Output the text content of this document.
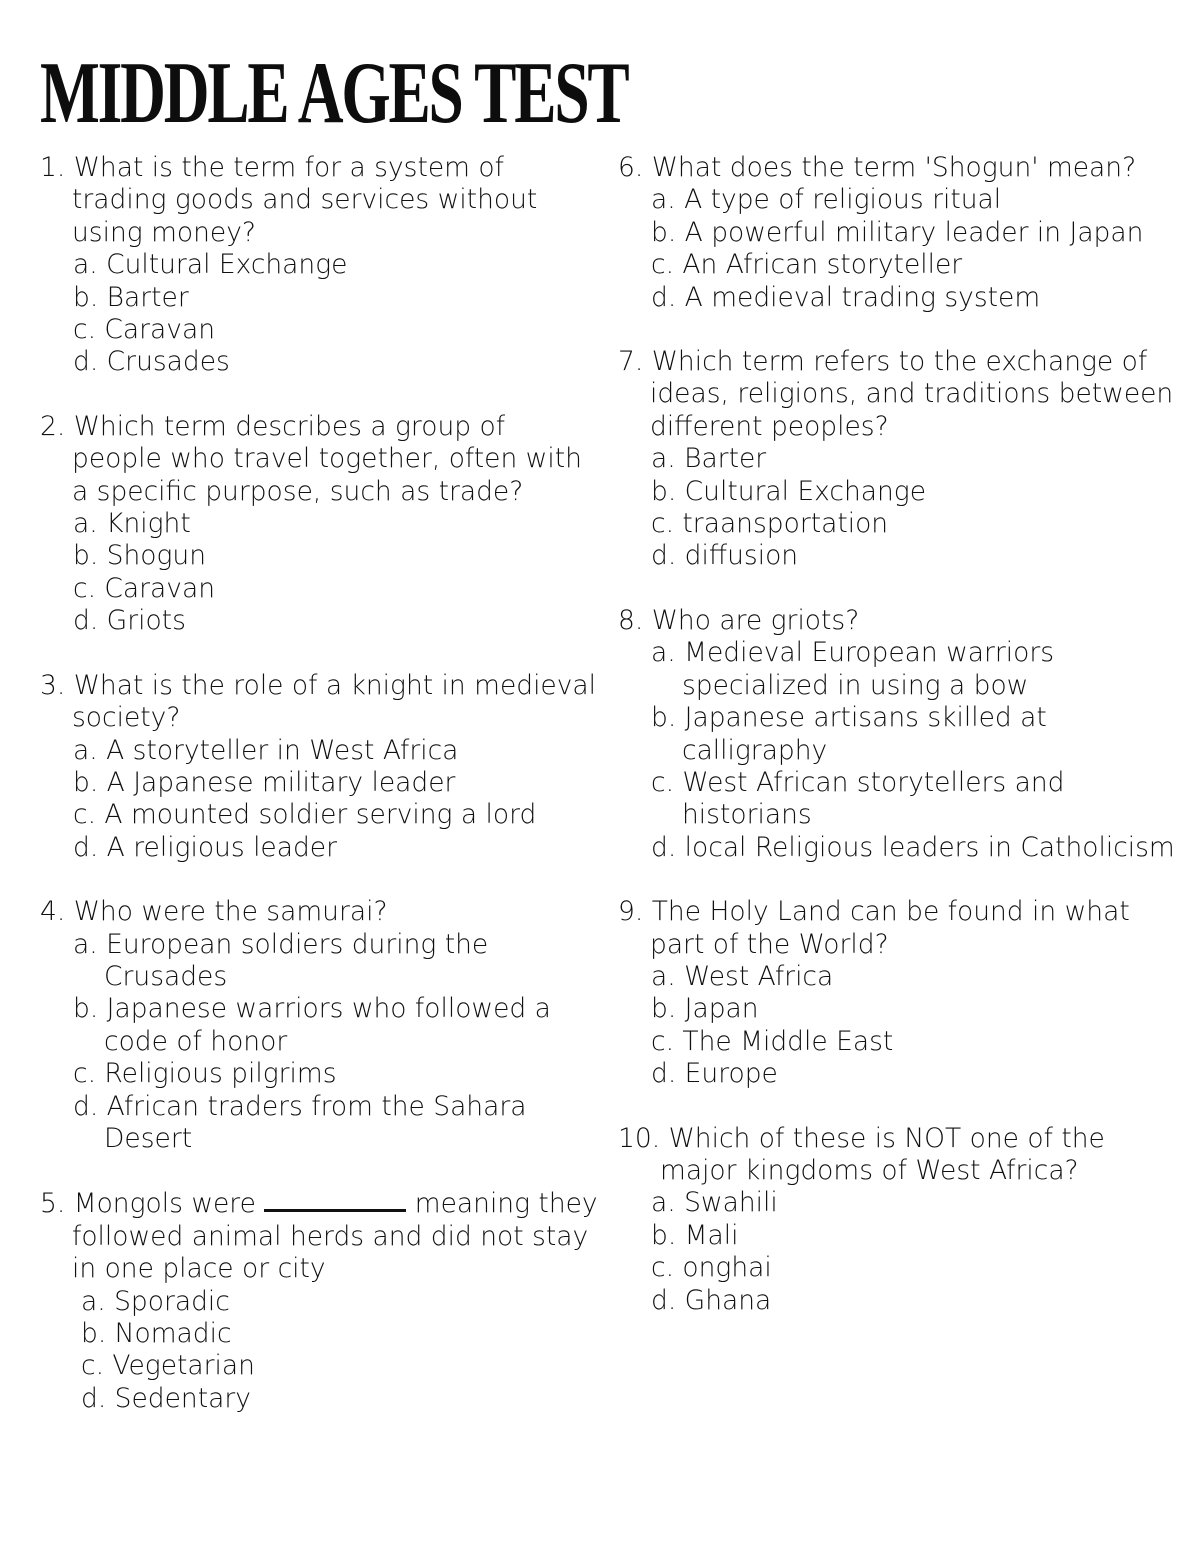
MIDDLE AGES TEST
1. What is the term for a system of trading goods and services without using money?
a. Cultural Exchange
b. Barter
c. Caravan
d. Crusades
2. Which term describes a group of people who travel together, often with a specific purpose, such as trade?
a. Knight
b. Shogun
c. Caravan
d. Griots
3. What is the role of a knight in medieval society?
a. A storyteller in West Africa
b. A Japanese military leader
c. A mounted soldier serving a lord
d. A religious leader
4. Who were the samurai?
a. European soldiers during the Crusades
b. Japanese warriors who followed a code of honor
c. Religious pilgrims
d. African traders from the Sahara Desert
5. Mongols were	meaning they followed animal herds and did not stay in one place or city
a. Sporadic
b. Nomadic
c. Vegetarian
d. Sedentary
6. What does the term 'Shogun' mean?
a. A type of religious ritual
b. A powerful military leader in Japan
c. An African storyteller
d. A medieval trading system
7. Which term refers to the exchange of ideas, religions, and traditions between different peoples?
a. Barter
b. Cultural Exchange
c. traansportation
d. diffusion
8. Who are griots?
a. Medieval European warriors specialized in using a bow
b. Japanese artisans skilled at calligraphy
c. West African storytellers and historians
d. local Religious leaders in Catholicism
9. The Holy Land can be found in what part of the World?
a. West Africa
b. Japan
c. The Middle East
d. Europe
10. Which of these is NOT one of the major kingdoms of West Africa?
a. Swahili
b. Mali
c. onghai
d. Ghana
